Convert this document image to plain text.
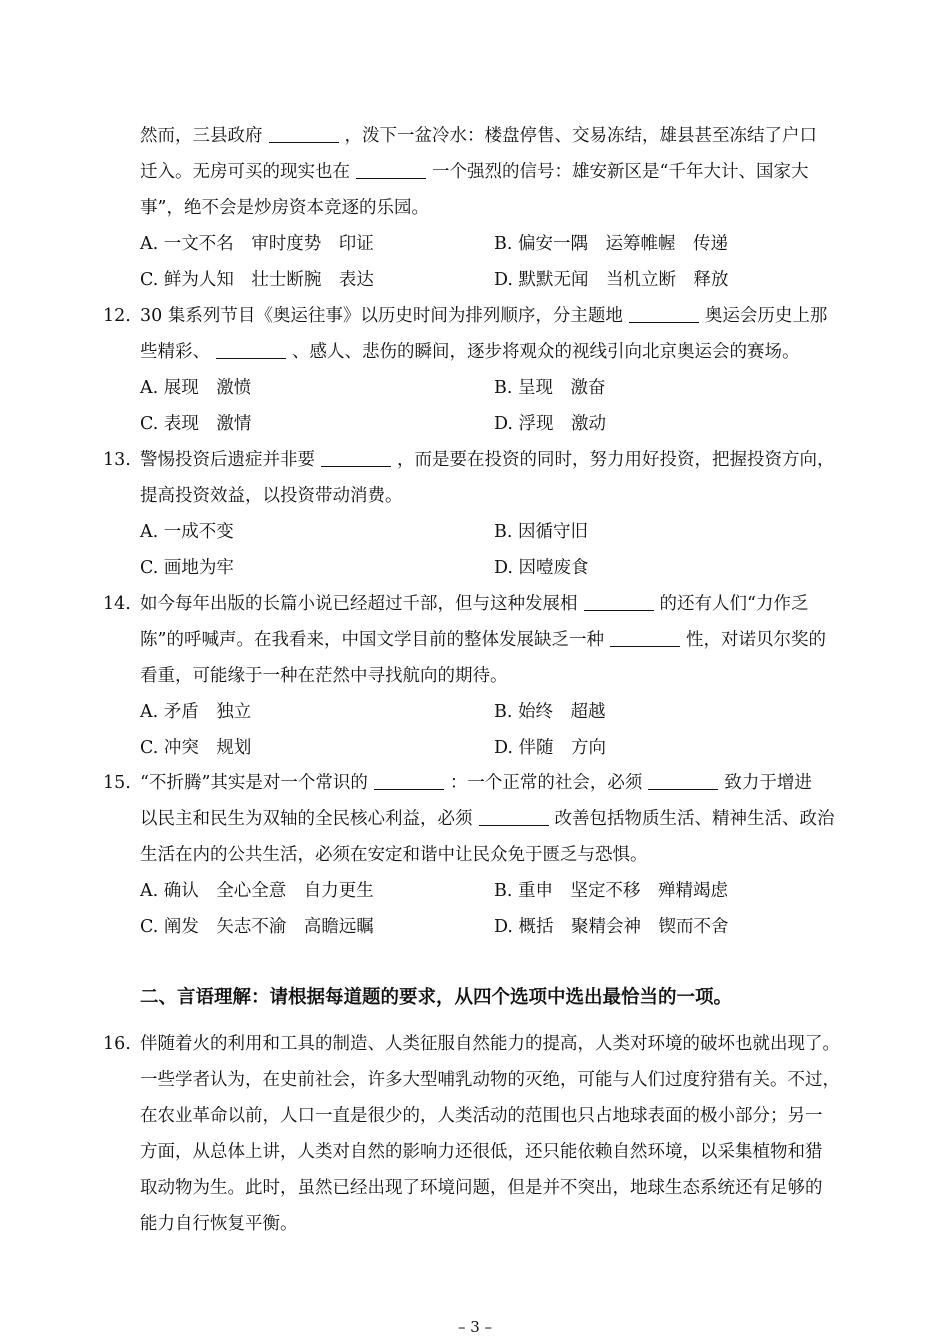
然而，三县政府	，泼下一盆冷水：楼盘停售、交易冻结，雄县甚至冻结了户口
迁入。无房可买的现实也在	一个强烈的信号：雄安新区是“千年大计、国家大
事”，绝不会是炒房资本竞逐的乐园。
A. 一文不名　审时度势　印证	B. 偏安一隅　运筹帷幄　传递
C. 鲜为人知　壮士断腕　表达	D. 默默无闻　当机立断　释放
12. 30 集系列节目《奥运往事》以历史时间为排列顺序，分主题地	奥运会历史上那
些精彩、	、感人、悲伤的瞬间，逐步将观众的视线引向北京奥运会的赛场。
A. 展现　激愤	B. 呈现　激奋
C. 表现　激情	D. 浮现　激动
13. 警惕投资后遗症并非要	，而是要在投资的同时，努力用好投资，把握投资方向，
提高投资效益，以投资带动消费。
A. 一成不变	B. 因循守旧
C. 画地为牢	D. 因噎废食
14. 如今每年出版的长篇小说已经超过千部，但与这种发展相	的还有人们“力作乏
陈”的呼喊声。在我看来，中国文学目前的整体发展缺乏一种	性，对诺贝尔奖的
看重，可能缘于一种在茫然中寻找航向的期待。
A. 矛盾　独立	B. 始终　超越
C. 冲突　规划	D. 伴随　方向
15. “不折腾”其实是对一个常识的	：一个正常的社会，必须	致力于增进
以民主和民生为双轴的全民核心利益，必须	改善包括物质生活、精神生活、政治
生活在内的公共生活，必须在安定和谐中让民众免于匮乏与恐惧。
A. 确认　全心全意　自力更生	B. 重申　坚定不移　殚精竭虑
C. 阐发　矢志不渝　高瞻远瞩	D. 概括　聚精会神　锲而不舍
二、言语理解：请根据每道题的要求，从四个选项中选出最恰当的一项。
16. 伴随着火的利用和工具的制造、人类征服自然能力的提高，人类对环境的破坏也就出现了。
一些学者认为，在史前社会，许多大型哺乳动物的灭绝，可能与人们过度狩猎有关。不过，
在农业革命以前，人口一直是很少的，人类活动的范围也只占地球表面的极小部分；另一
方面，从总体上讲，人类对自然的影响力还很低，还只能依赖自然环境，以采集植物和猎
取动物为生。此时，虽然已经出现了环境问题，但是并不突出，地球生态系统还有足够的
能力自行恢复平衡。
– 3 –
